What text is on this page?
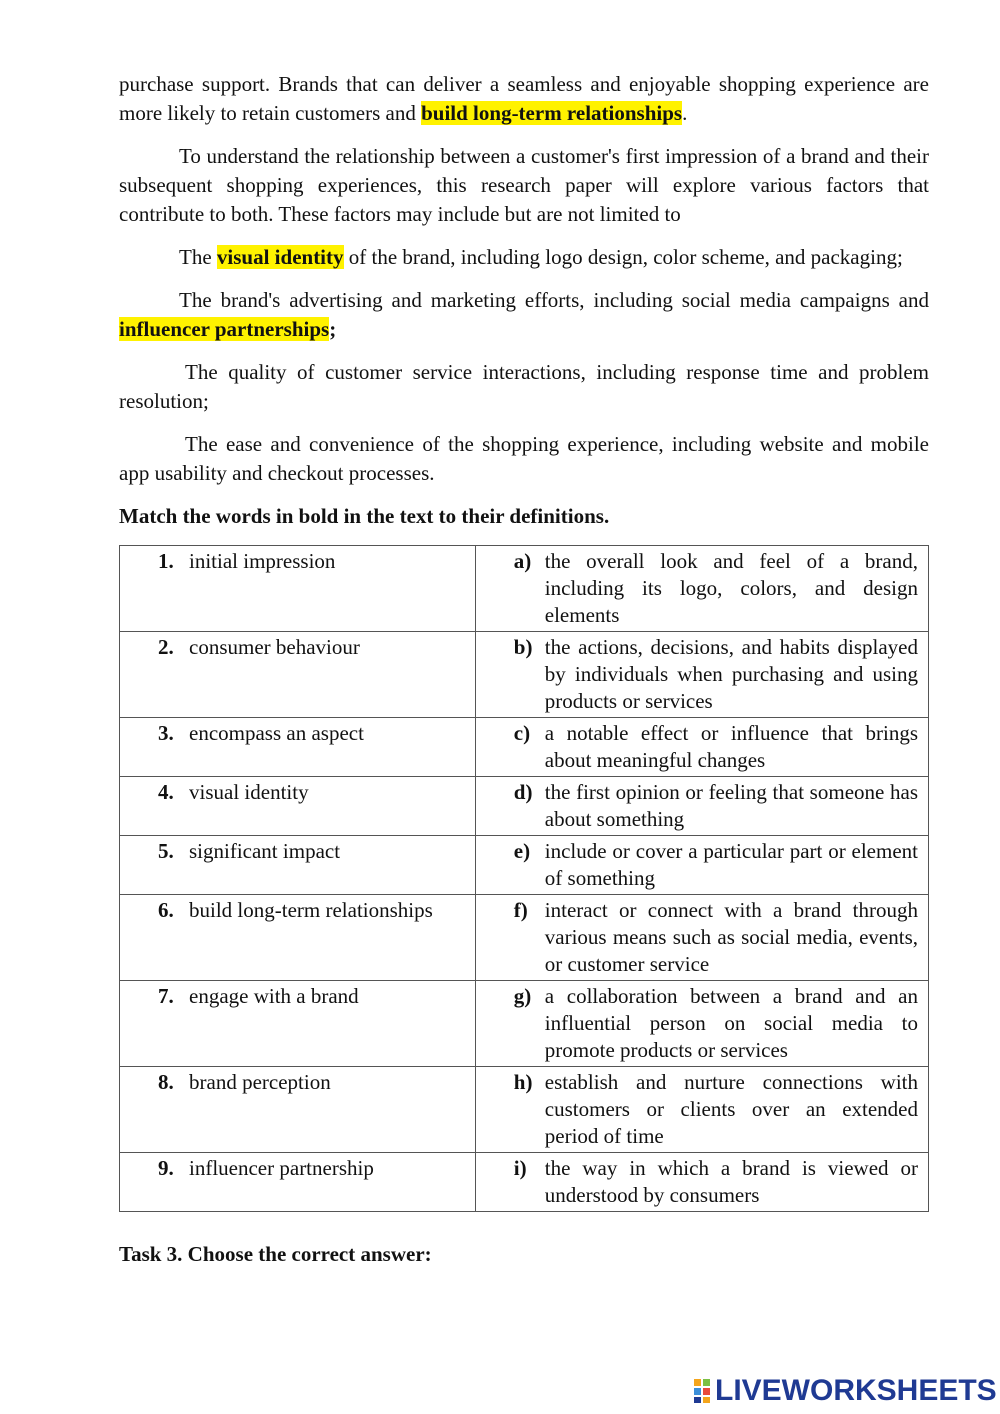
purchase support. Brands that can deliver a seamless and enjoyable shopping experience are more likely to retain customers and build long-term relationships.

To understand the relationship between a customer's first impression of a brand and their subsequent shopping experiences, this research paper will explore various factors that contribute to both. These factors may include but are not limited to

The visual identity of the brand, including logo design, color scheme, and packaging;

The brand's advertising and marketing efforts, including social media campaigns and influencer partnerships;

The quality of customer service interactions, including response time and problem resolution;

The ease and convenience of the shopping experience, including website and mobile app usability and checkout processes.

Match the words in bold in the text to their definitions.

1. initial impression	a) the overall look and feel of a brand, including its logo, colors, and design elements

2. consumer behaviour	b) the actions, decisions, and habits displayed by individuals when purchasing and using products or services

3. encompass an aspect	c) a notable effect or influence that brings about meaningful changes

4. visual identity	d) the first opinion or feeling that someone has about something

5. significant impact	e) include or cover a particular part or element of something

6. build long-term relationships	f) interact or connect with a brand through various means such as social media, events, or customer service

7. engage with a brand	g) a collaboration between a brand and an influential person on social media to promote products or services

8. brand perception	h) establish and nurture connections with customers or clients over an extended period of time

9. influencer partnership	i) the way in which a brand is viewed or understood by consumers

Task 3. Choose the correct answer:

LIVEWORKSHEETS
